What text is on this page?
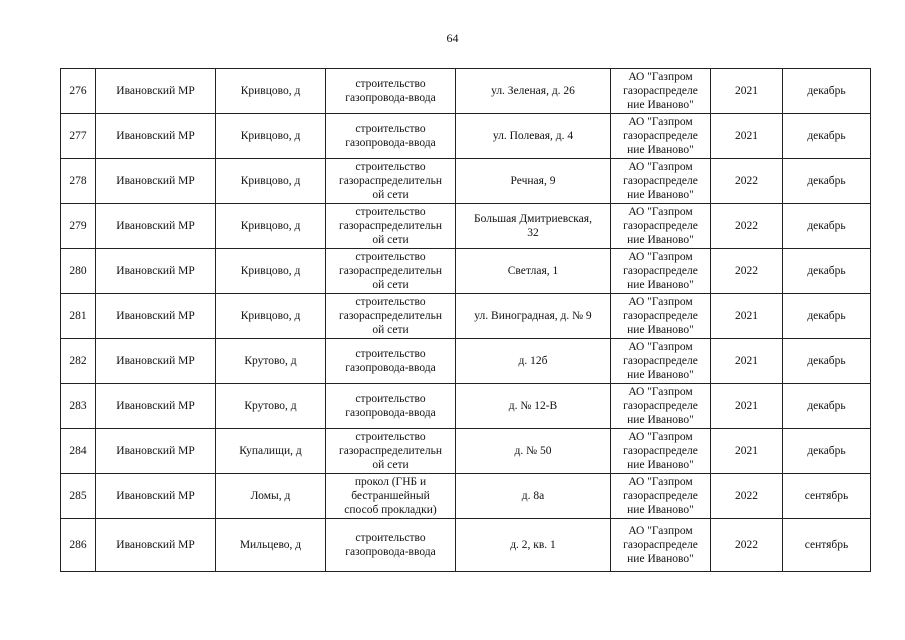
64
276	Ивановский МР	Кривцово, д	строительство
газопровода-ввода	ул. Зеленая, д. 26	АО "Газпром
газораспределе
ние Иваново"	2021	декабрь
277	Ивановский МР	Кривцово, д	строительство
газопровода-ввода	ул. Полевая, д. 4	АО "Газпром
газораспределе
ние Иваново"	2021	декабрь
278	Ивановский МР	Кривцово, д	строительство
газораспределительн
ой сети	Речная, 9	АО "Газпром
газораспределе
ние Иваново"	2022	декабрь
279	Ивановский МР	Кривцово, д	строительство
газораспределительн
ой сети	Большая Дмитриевская,
32	АО "Газпром
газораспределе
ние Иваново"	2022	декабрь
280	Ивановский МР	Кривцово, д	строительство
газораспределительн
ой сети	Светлая, 1	АО "Газпром
газораспределе
ние Иваново"	2022	декабрь
281	Ивановский МР	Кривцово, д	строительство
газораспределительн
ой сети	ул. Виноградная, д. № 9	АО "Газпром
газораспределе
ние Иваново"	2021	декабрь
282	Ивановский МР	Крутово, д	строительство
газопровода-ввода	д. 12б	АО "Газпром
газораспределе
ние Иваново"	2021	декабрь
283	Ивановский МР	Крутово, д	строительство
газопровода-ввода	д. № 12-В	АО "Газпром
газораспределе
ние Иваново"	2021	декабрь
284	Ивановский МР	Купалищи, д	строительство
газораспределительн
ой сети	д. № 50	АО "Газпром
газораспределе
ние Иваново"	2021	декабрь
285	Ивановский МР	Ломы, д	прокол (ГНБ и
бестраншейный
способ прокладки)	д. 8а	АО "Газпром
газораспределе
ние Иваново"	2022	сентябрь
286	Ивановский МР	Мильцево, д	строительство
газопровода-ввода	д. 2, кв. 1	АО "Газпром
газораспределе
ние Иваново"	2022	сентябрь
